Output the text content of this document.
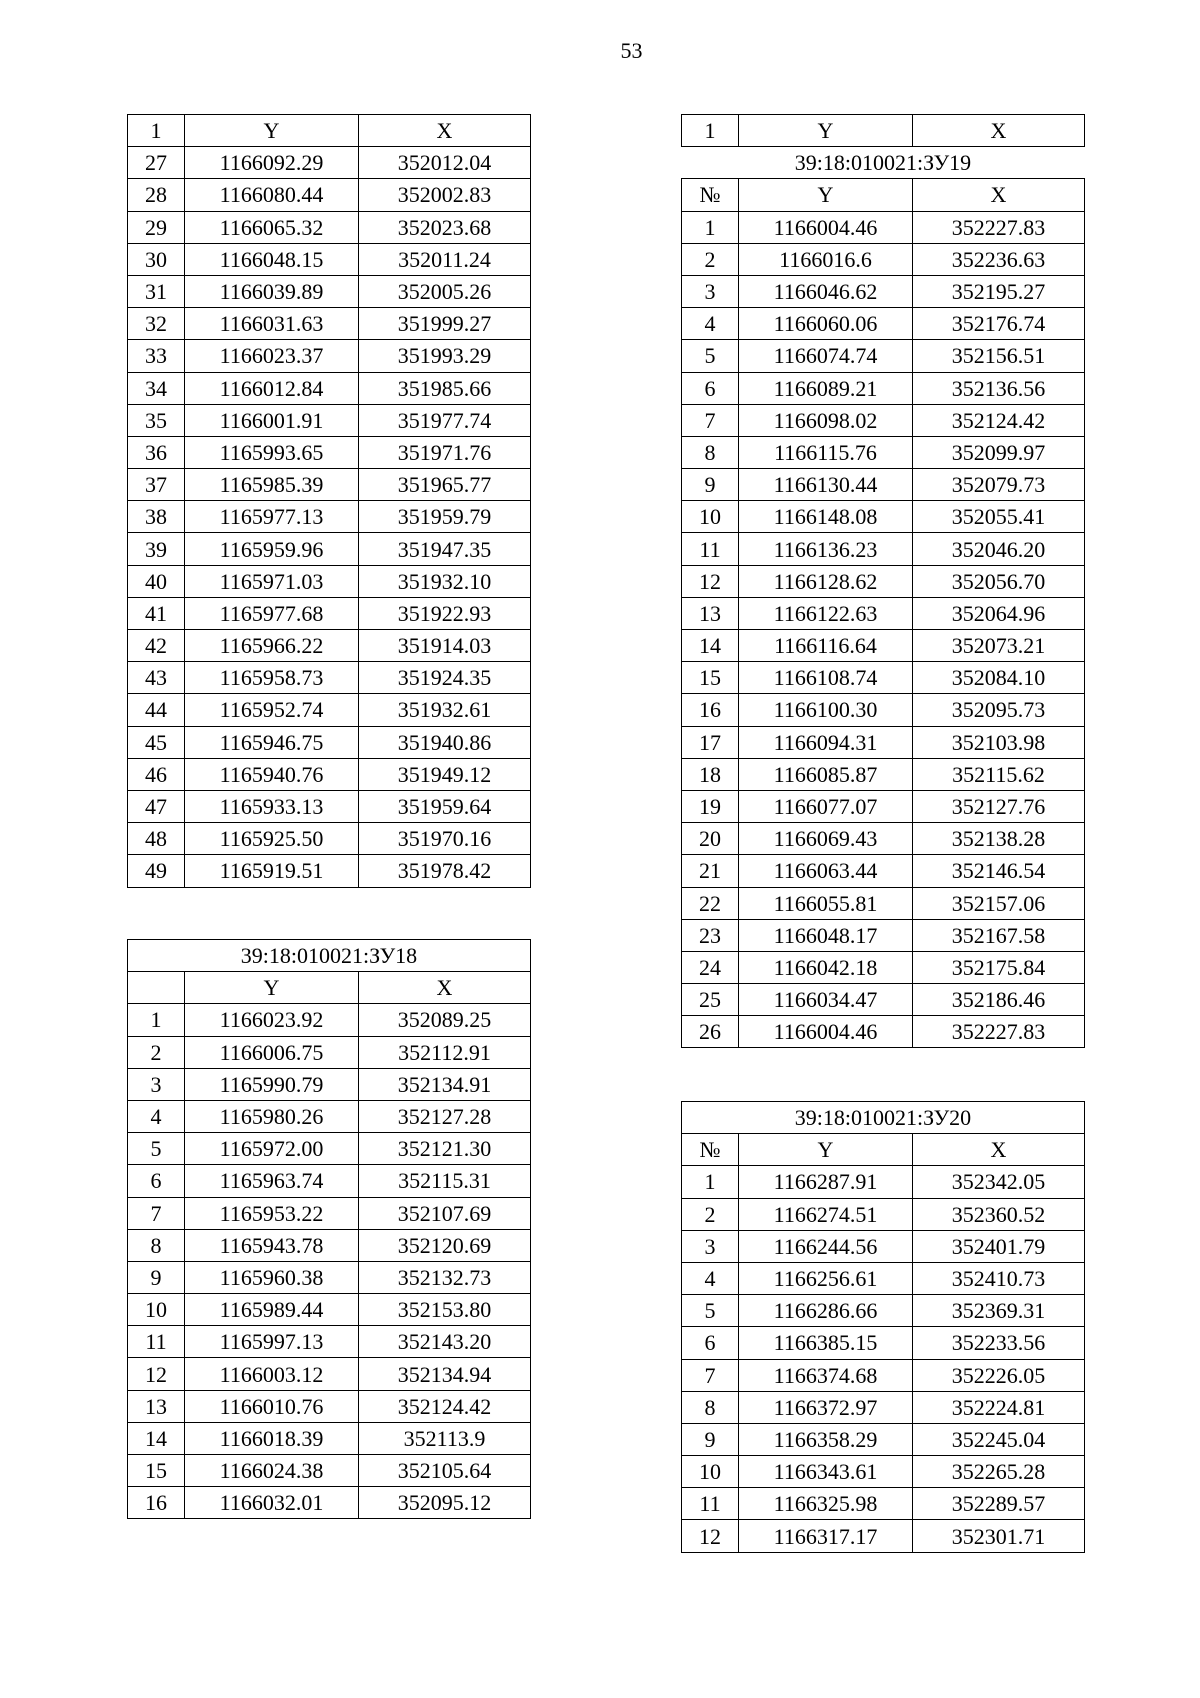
53
1	Y	X
27	1166092.29	352012.04
28	1166080.44	352002.83
29	1166065.32	352023.68
30	1166048.15	352011.24
31	1166039.89	352005.26
32	1166031.63	351999.27
33	1166023.37	351993.29
34	1166012.84	351985.66
35	1166001.91	351977.74
36	1165993.65	351971.76
37	1165985.39	351965.77
38	1165977.13	351959.79
39	1165959.96	351947.35
40	1165971.03	351932.10
41	1165977.68	351922.93
42	1165966.22	351914.03
43	1165958.73	351924.35
44	1165952.74	351932.61
45	1165946.75	351940.86
46	1165940.76	351949.12
47	1165933.13	351959.64
48	1165925.50	351970.16
49	1165919.51	351978.42
39:18:010021:ЗУ18		
	Y	X
1	1166023.92	352089.25
2	1166006.75	352112.91
3	1165990.79	352134.91
4	1165980.26	352127.28
5	1165972.00	352121.30
6	1165963.74	352115.31
7	1165953.22	352107.69
8	1165943.78	352120.69
9	1165960.38	352132.73
10	1165989.44	352153.80
11	1165997.13	352143.20
12	1166003.12	352134.94
13	1166010.76	352124.42
14	1166018.39	352113.9
15	1166024.38	352105.64
16	1166032.01	352095.12
1	Y	X
39:18:010021:ЗУ19		
№	Y	X
1	1166004.46	352227.83
2	1166016.6	352236.63
3	1166046.62	352195.27
4	1166060.06	352176.74
5	1166074.74	352156.51
6	1166089.21	352136.56
7	1166098.02	352124.42
8	1166115.76	352099.97
9	1166130.44	352079.73
10	1166148.08	352055.41
11	1166136.23	352046.20
12	1166128.62	352056.70
13	1166122.63	352064.96
14	1166116.64	352073.21
15	1166108.74	352084.10
16	1166100.30	352095.73
17	1166094.31	352103.98
18	1166085.87	352115.62
19	1166077.07	352127.76
20	1166069.43	352138.28
21	1166063.44	352146.54
22	1166055.81	352157.06
23	1166048.17	352167.58
24	1166042.18	352175.84
25	1166034.47	352186.46
26	1166004.46	352227.83
39:18:010021:ЗУ20		
№	Y	X
1	1166287.91	352342.05
2	1166274.51	352360.52
3	1166244.56	352401.79
4	1166256.61	352410.73
5	1166286.66	352369.31
6	1166385.15	352233.56
7	1166374.68	352226.05
8	1166372.97	352224.81
9	1166358.29	352245.04
10	1166343.61	352265.28
11	1166325.98	352289.57
12	1166317.17	352301.71
